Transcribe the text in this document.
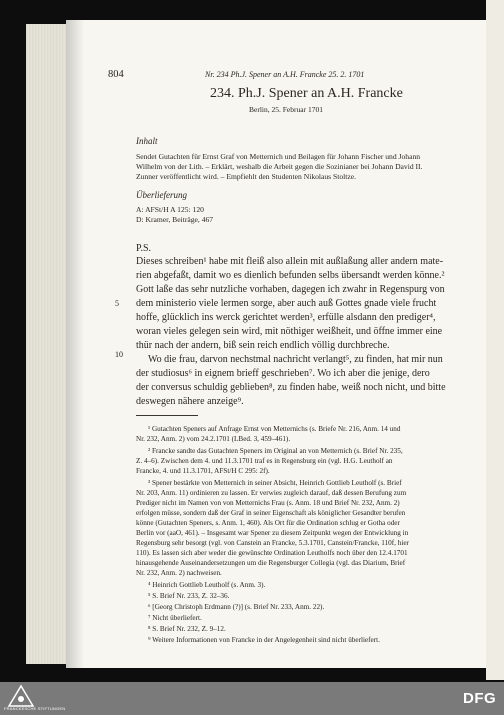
804	Nr. 234 Ph.J. Spener an A.H. Francke 25. 2. 1701
234. Ph.J. Spener an A.H. Francke
Berlin, 25. Februar 1701
Inhalt
Sendet Gutachten für Ernst Graf von Metternich und Beilagen für Johann Fischer und Johann
Wilhelm von der Lith. – Erklärt, weshalb die Arbeit gegen die Sozinianer bei Johann David II.
Zunner veröffentlicht wird. – Empfiehlt den Studenten Nikolaus Stoltze.
Überlieferung
A: AFSt/H A 125: 120
D: Kramer, Beiträge, 467
P.S.
Dieses schreiben¹ habe mit fleiß also allein mit außlaßung aller andern mate-
rien abgefaßt, damit wo es dienlich befunden selbs übersandt werden könne.²
Gott laße das sehr nutzliche vorhaben, dagegen ich zwahr in Regenspurg von
5 dem ministerio viele lermen sorge, aber auch auß Gottes gnade viele frucht
hoffe, glücklich ins werck gerichtet werden³, erfülle alsdann den prediger⁴,
woran vieles gelegen sein wird, mit nöthiger weißheit, und öffne immer eine
thür nach der andern, biß sein reich endlich völlig durchbreche.
Wo die frau, darvon nechstmal nachricht verlangt⁵, zu finden, hat mir nun
10
der studiosus⁶ in eignem brieff geschrieben⁷. Wo ich aber die jenige, dero
der conversus schuldig geblieben⁸, zu finden habe, weiß noch nicht, und bitte
deswegen nähere anzeige⁹.
¹ Gutachten Speners auf Anfrage Ernst von Metternichs (s. Briefe Nr. 216, Anm. 14 und
Nr. 232, Anm. 2) vom 24.2.1701 (LBed. 3, 459–461).
² Francke sandte das Gutachten Speners im Original an von Metternich (s. Brief Nr. 235,
Z. 4–6). Zwischen dem 4. und 11.3.1701 traf es in Regensburg ein (vgl. H.G. Leutholf an
Francke, 4. und 11.3.1701, AFSt/H C 295: 2f).
³ Spener bestärkte von Metternich in seiner Absicht, Heinrich Gottlieb Leutholf (s. Brief
Nr. 203, Anm. 11) ordinieren zu lassen. Er verwies zugleich darauf, daß dessen Berufung zum
Prediger nicht im Namen von von Metternichs Frau (s. Anm. 18 und Brief Nr. 232, Anm. 2)
erfolgen müsse, sondern daß der Graf in seiner Eigenschaft als königlicher Gesandter berufen
könne (Gutachten Speners, s. Anm. 1, 460). Als Ort für die Ordination schlug er Gotha oder
Berlin vor (aaO, 461). – Insgesamt war Spener zu diesem Zeitpunkt wegen der Entwicklung in
Regensburg sehr besorgt (vgl. von Canstein an Francke, 5.3.1701, Canstein/Francke, 110f, hier
110). Es lassen sich aber weder die gewünschte Ordination Leutholfs noch über den 12.4.1701
hinausgehende Auseinandersetzungen um die Regensburger Collegia (vgl. das Diarium, Brief
Nr. 232, Anm. 2) nachweisen.
⁴ Heinrich Gottlieb Leutholf (s. Anm. 3).
⁵ S. Brief Nr. 233, Z. 32–36.
⁶ [Georg Christoph Erdmann (?)] (s. Brief Nr. 233, Anm. 22).
⁷ Nicht überliefert.
⁸ S. Brief Nr. 232, Z. 9–12.
⁹ Weitere Informationen von Francke in der Angelegenheit sind nicht überliefert.
FRANCKESCHE STIFTUNGEN
DFG
